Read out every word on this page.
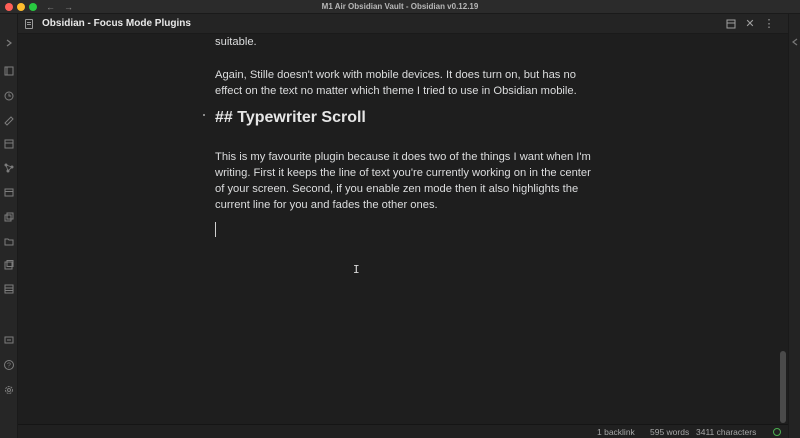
← →	M1 Air Obsidian Vault - Obsidian v0.12.19
?
Obsidian - Focus Mode Plugins	✕ ⋮
suitable.
Again, Stille doesn't work with mobile devices. It does turn on, but has no effect on the text no matter which theme I tried to use in Obsidian mobile.
## Typewriter Scroll
This is my favourite plugin because it does two of the things I want when I'm writing. First it keeps the line of text you're currently working on in the center of your screen. Second, if you enable zen mode then it also highlights the current line for you and fades the other ones.
I
1 backlink 595 words 3411 characters
